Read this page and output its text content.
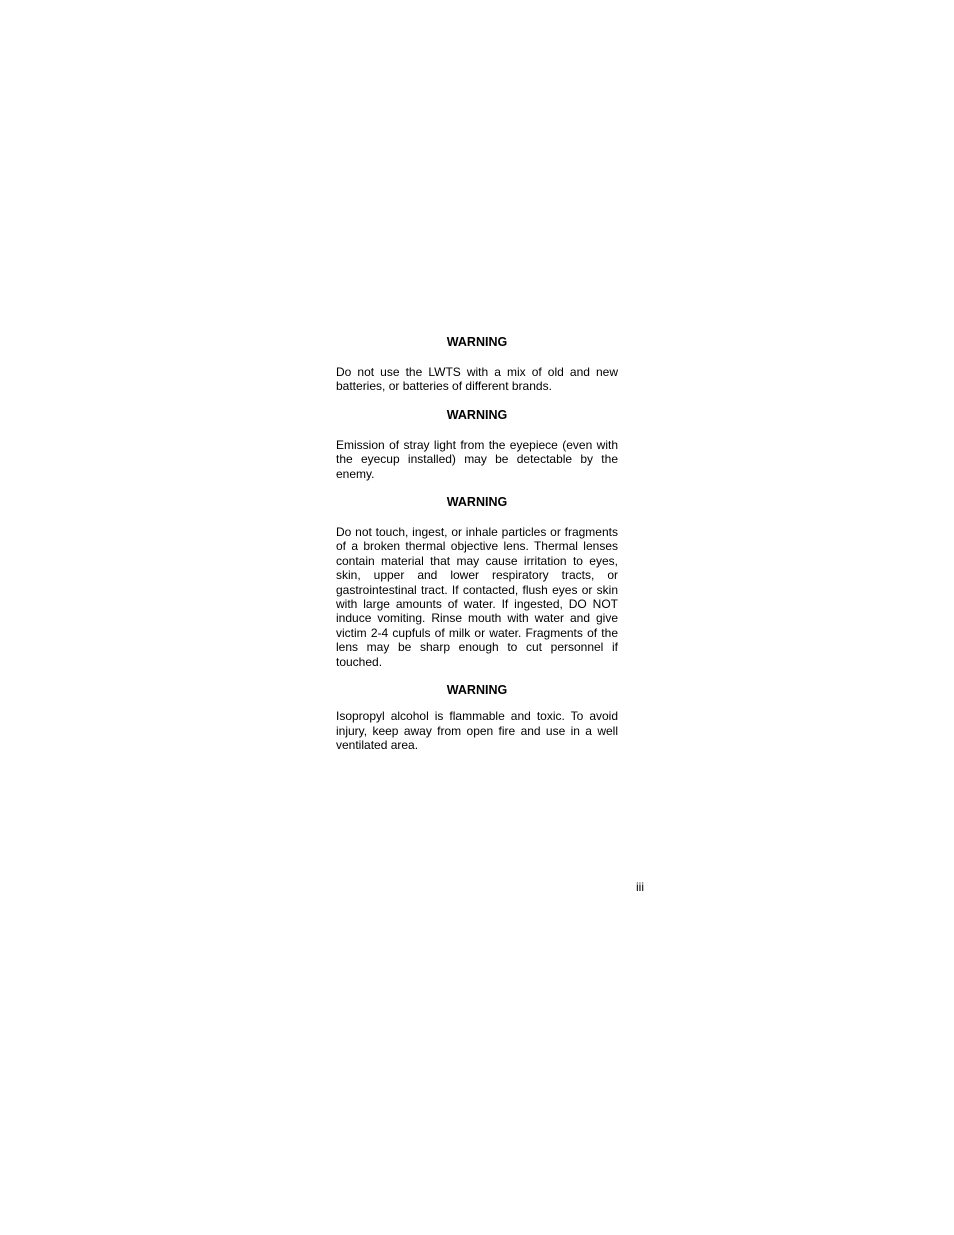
WARNING

Do not use the LWTS with a mix of old and new batteries, or batteries of different brands.

WARNING

Emission of stray light from the eyepiece (even with the eyecup installed) may be detectable by the enemy.

WARNING

Do not touch, ingest, or inhale particles or fragments of a broken thermal objective lens. Thermal lenses contain material that may cause irritation to eyes, skin, upper and lower respiratory tracts, or gastrointestinal tract. If contacted, flush eyes or skin with large amounts of water. If ingested, DO NOT induce vomiting. Rinse mouth with water and give victim 2-4 cupfuls of milk or water. Fragments of the lens may be sharp enough to cut personnel if touched.

WARNING

Isopropyl alcohol is flammable and toxic. To avoid injury, keep away from open fire and use in a well ventilated area.

iii
